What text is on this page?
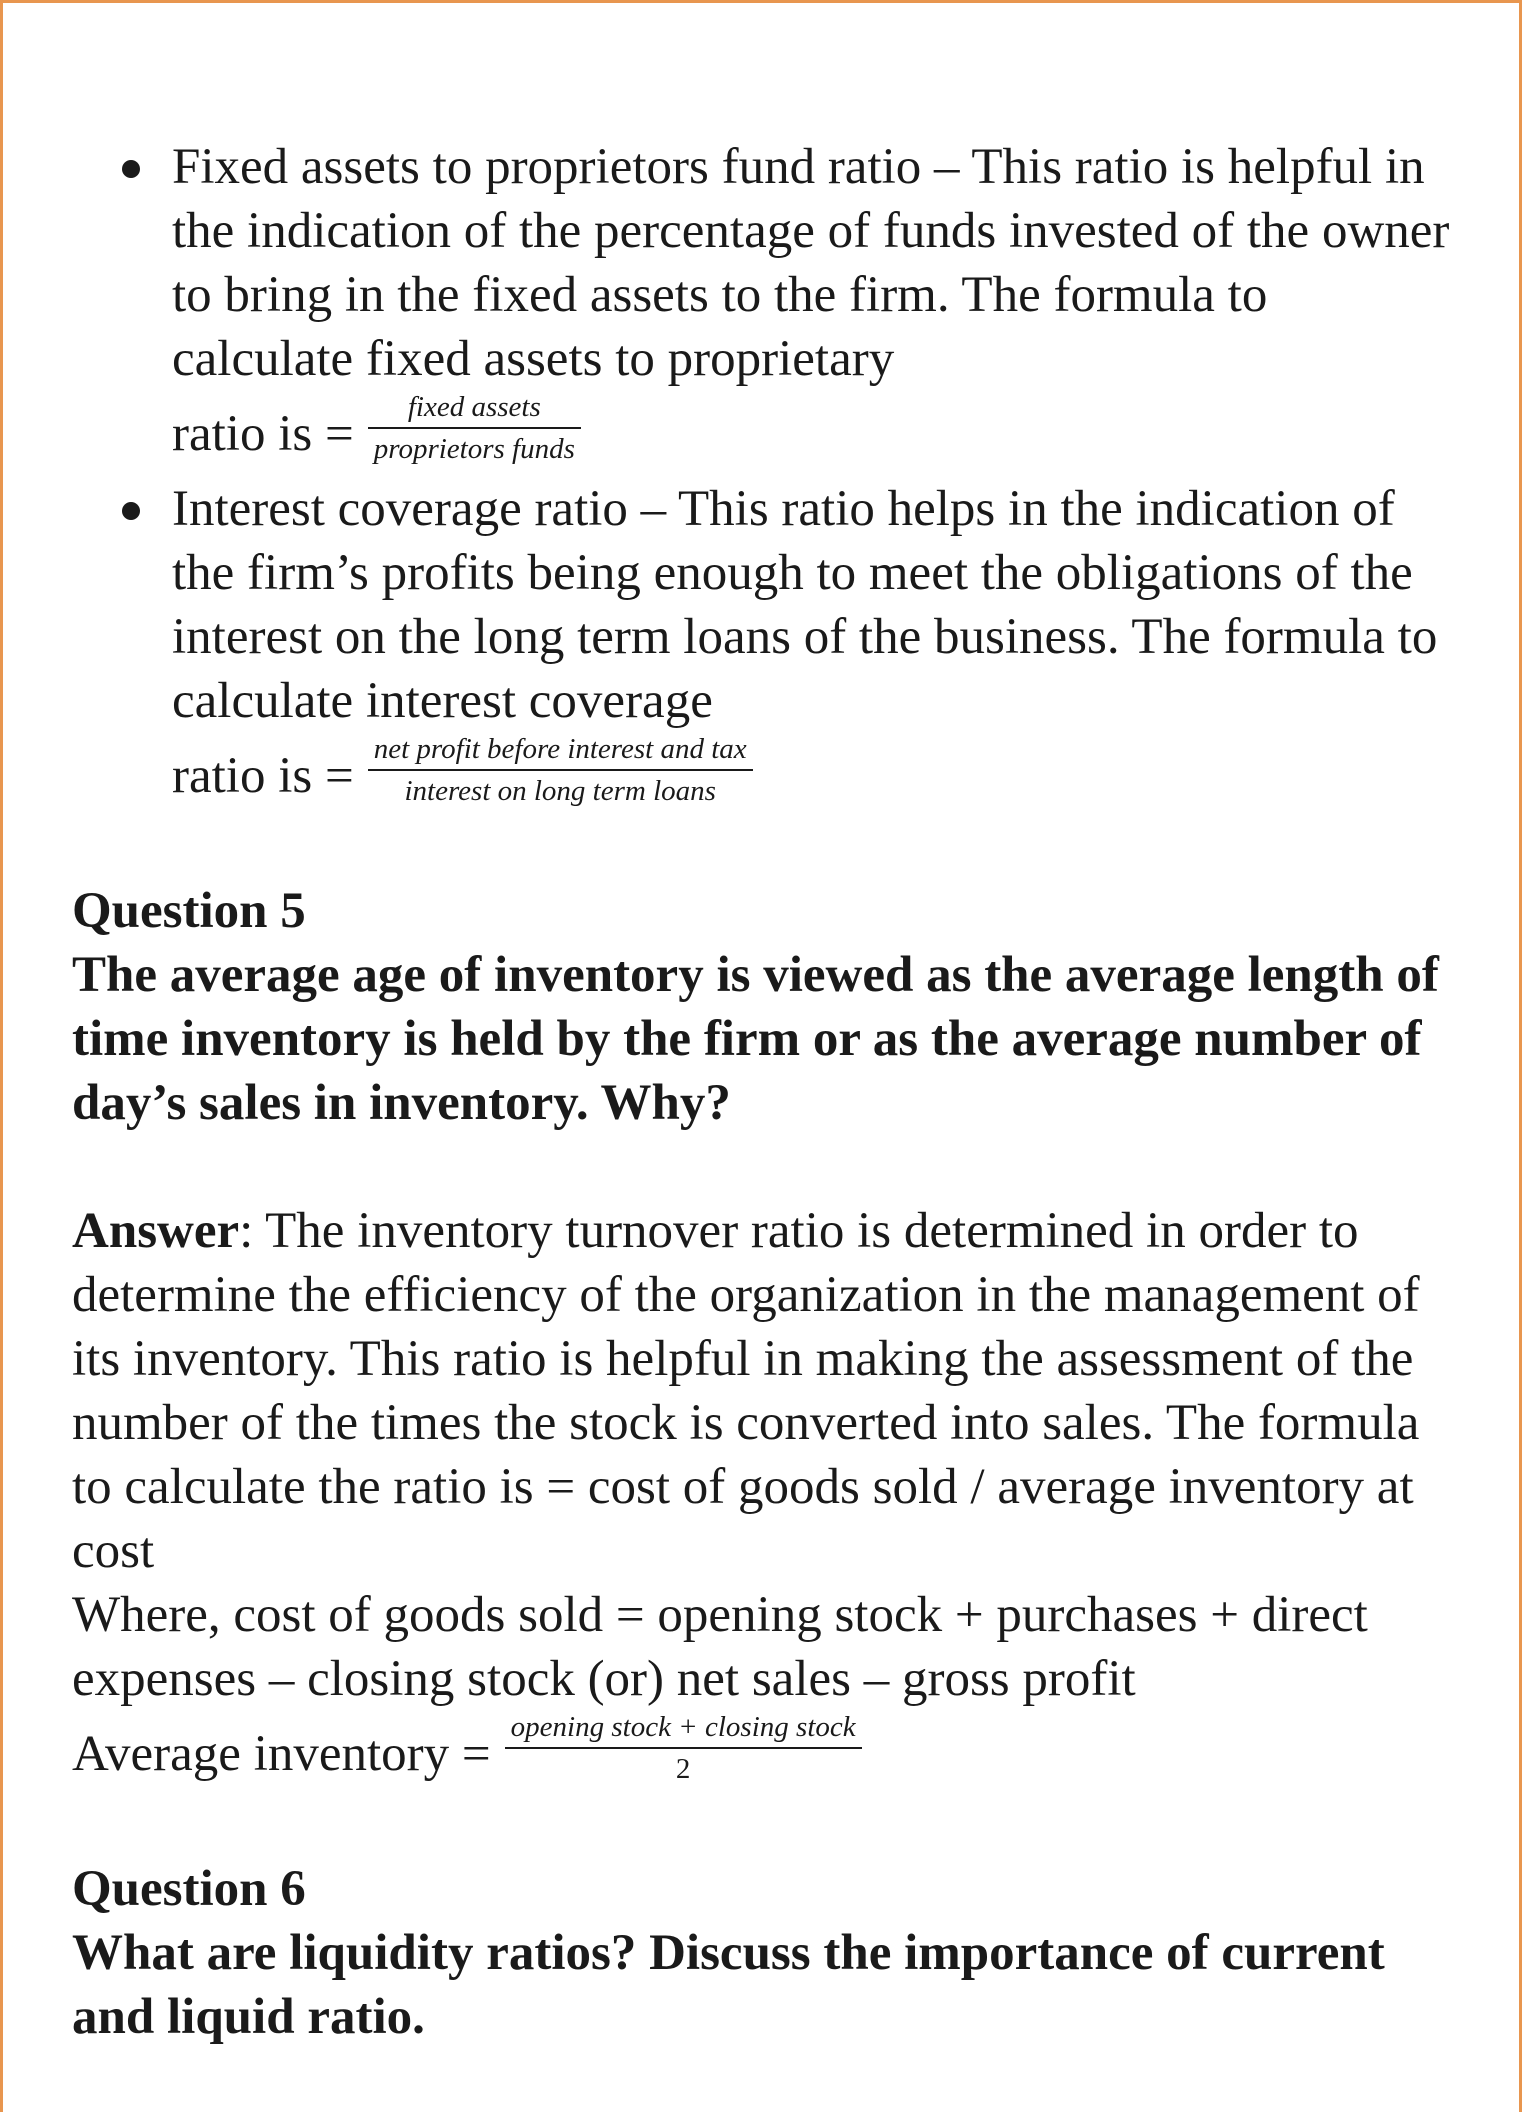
Fixed assets to proprietors fund ratio – This ratio is helpful in the indication of the percentage of funds invested of the owner to bring in the fixed assets to the firm. The formula to calculate fixed assets to proprietary
ratio is = $\frac{\text{fixed assets}}{\text{proprietors funds}}$
Interest coverage ratio – This ratio helps in the indication of the firm’s profits being enough to meet the obligations of the interest on the long term loans of the business. The formula to calculate interest coverage
ratio is = $\frac{\text{net profit before interest and tax}}{\text{interest on long term loans}}$

Question 5

The average age of inventory is viewed as the average length of time inventory is held by the firm or as the average number of day’s sales in inventory. Why?

Answer: The inventory turnover ratio is determined in order to determine the efficiency of the organization in the management of its inventory. This ratio is helpful in making the assessment of the number of the times the stock is converted into sales. The formula to calculate the ratio is = cost of goods sold / average inventory at cost

Where, cost of goods sold = opening stock + purchases + direct expenses – closing stock (or) net sales – gross profit

Average inventory = $\frac{\text{opening stock + closing stock}}{2}$

Question 6

What are liquidity ratios? Discuss the importance of current and liquid ratio.
